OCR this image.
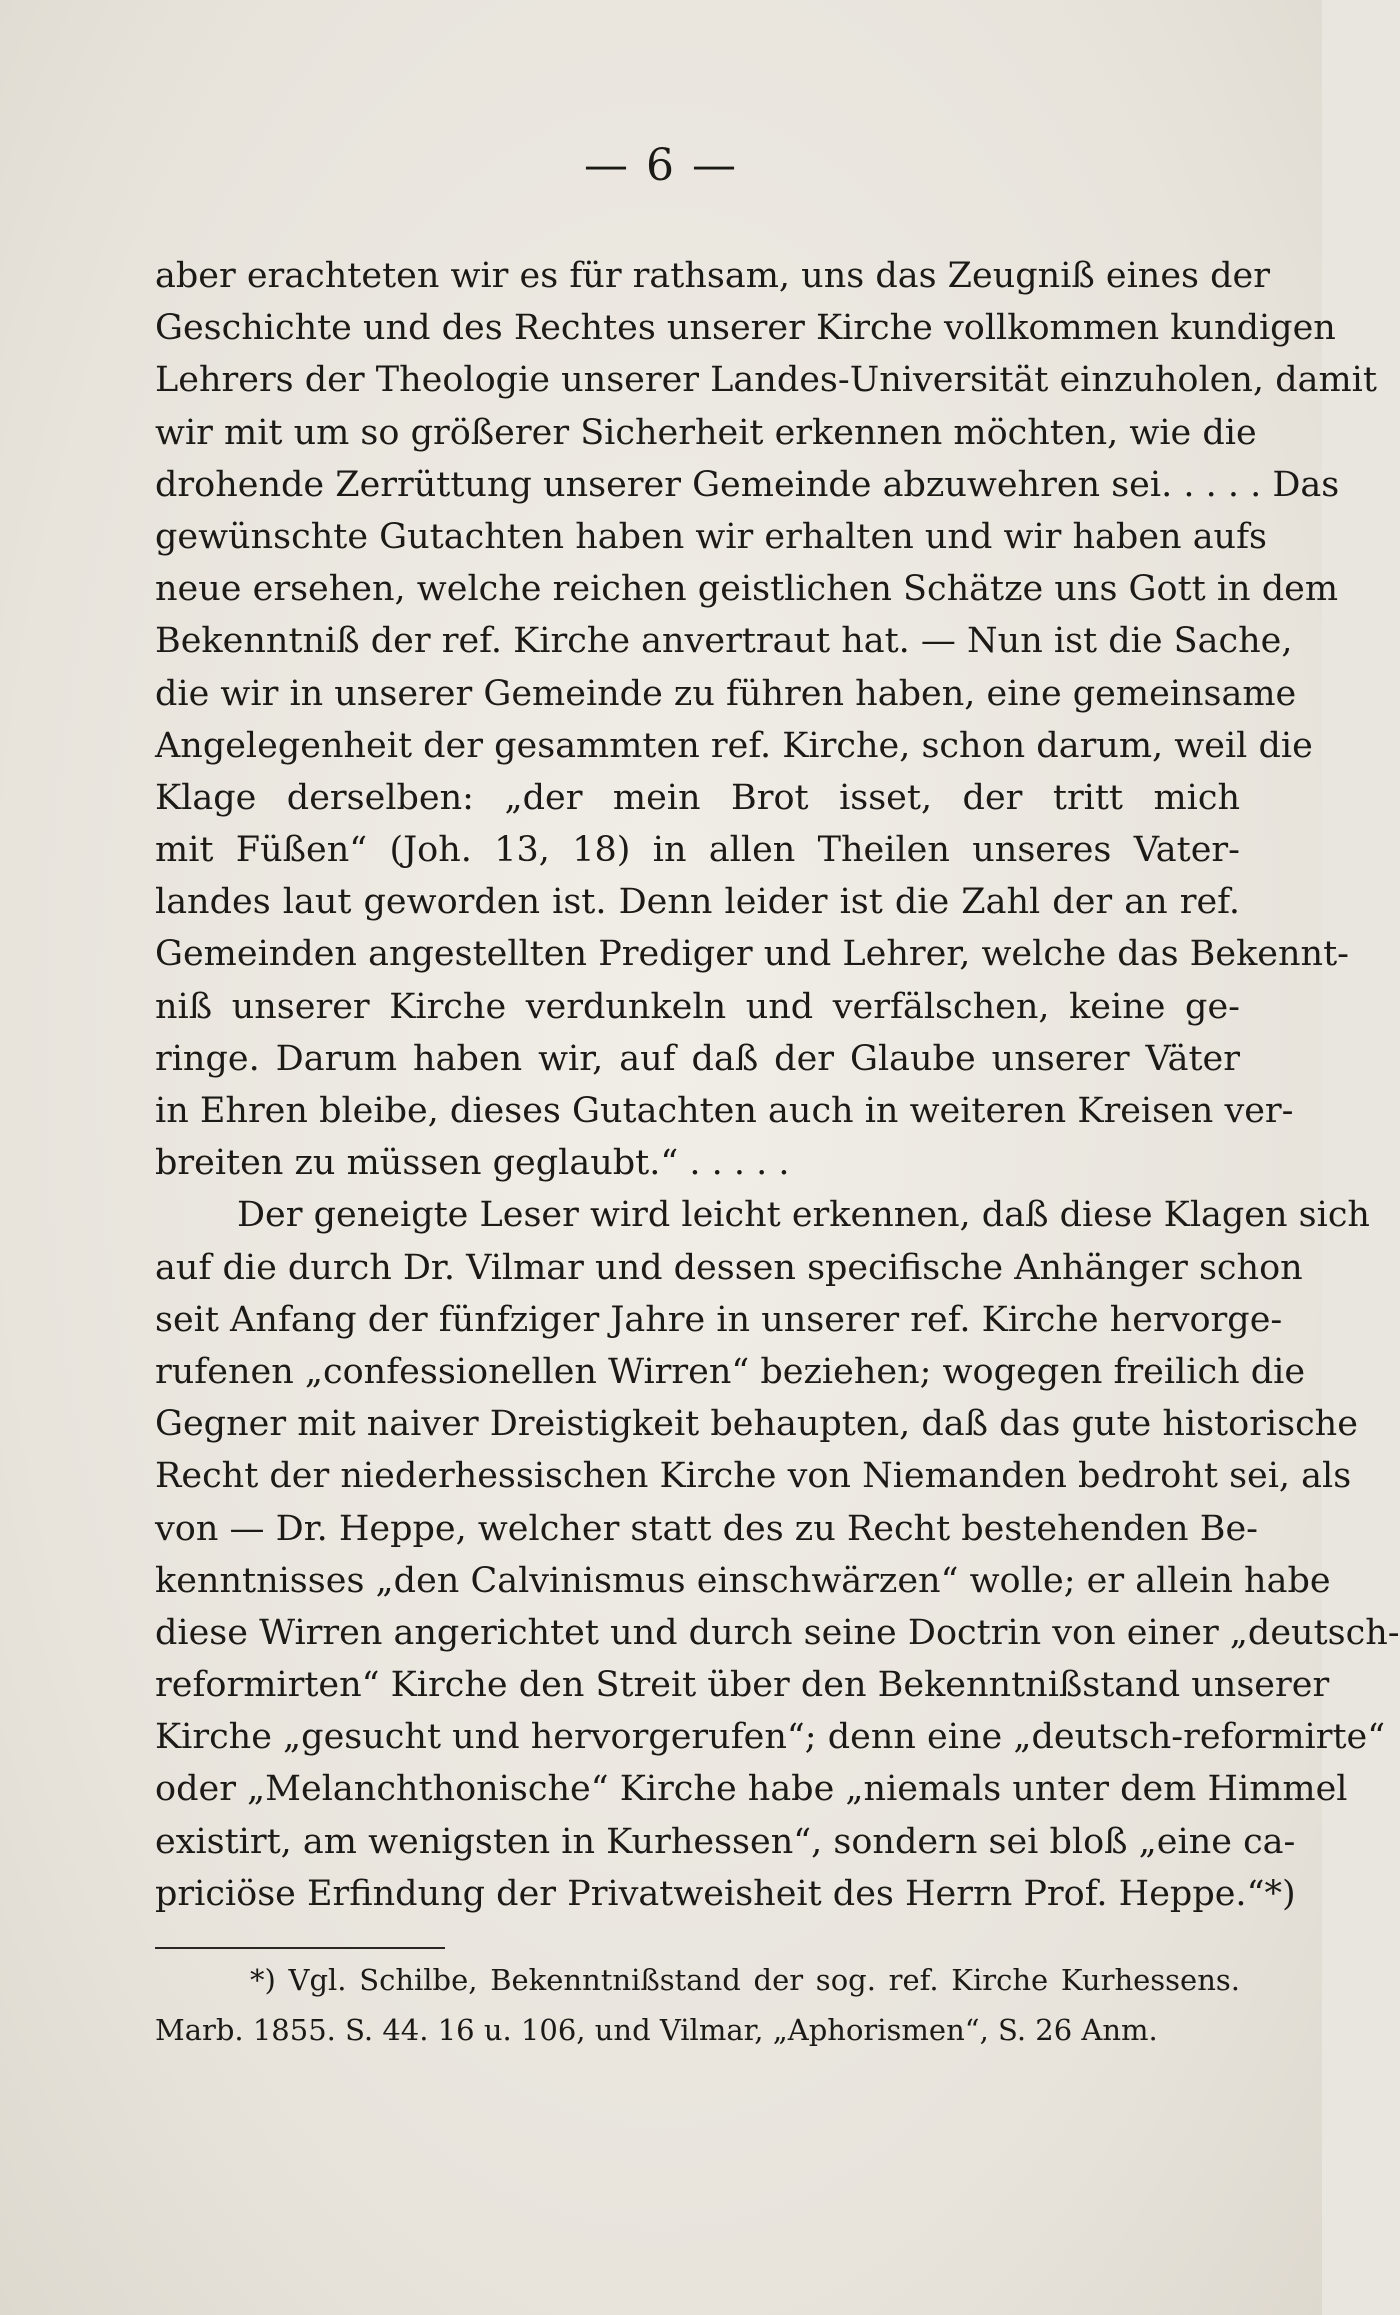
— 6 —
aber erachteten wir es für rathsam, uns das Zeugniß eines der
Geschichte und des Rechtes unserer Kirche vollkommen kundigen
Lehrers der Theologie unserer Landes-Universität einzuholen, damit
wir mit um so größerer Sicherheit erkennen möchten, wie die
drohende Zerrüttung unserer Gemeinde abzuwehren sei. . . . . Das
gewünschte Gutachten haben wir erhalten und wir haben aufs
neue ersehen, welche reichen geistlichen Schätze uns Gott in dem
Bekenntniß der ref. Kirche anvertraut hat. — Nun ist die Sache,
die wir in unserer Gemeinde zu führen haben, eine gemeinsame
Angelegenheit der gesammten ref. Kirche, schon darum, weil die
Klage derselben: „der mein Brot isset, der tritt mich
mit Füßen“ (Joh. 13, 18) in allen Theilen unseres Vater-
landes laut geworden ist. Denn leider ist die Zahl der an ref.
Gemeinden angestellten Prediger und Lehrer, welche das Bekennt-
niß unserer Kirche verdunkeln und verfälschen, keine ge-
ringe. Darum haben wir, auf daß der Glaube unserer Väter
in Ehren bleibe, dieses Gutachten auch in weiteren Kreisen ver-
breiten zu müssen geglaubt.“ . . . . .
Der geneigte Leser wird leicht erkennen, daß diese Klagen sich
auf die durch Dr. Vilmar und dessen specifische Anhänger schon
seit Anfang der fünfziger Jahre in unserer ref. Kirche hervorge-
rufenen „confessionellen Wirren“ beziehen; wogegen freilich die
Gegner mit naiver Dreistigkeit behaupten, daß das gute historische
Recht der niederhessischen Kirche von Niemanden bedroht sei, als
von — Dr. Heppe, welcher statt des zu Recht bestehenden Be-
kenntnisses „den Calvinismus einschwärzen“ wolle; er allein habe
diese Wirren angerichtet und durch seine Doctrin von einer „deutsch-
reformirten“ Kirche den Streit über den Bekenntnißstand unserer
Kirche „gesucht und hervorgerufen“; denn eine „deutsch-reformirte“
oder „Melanchthonische“ Kirche habe „niemals unter dem Himmel
existirt, am wenigsten in Kurhessen“, sondern sei bloß „eine ca-
priciöse Erfindung der Privatweisheit des Herrn Prof. Heppe.“*)
*) Vgl. Schilbe, Bekenntnißstand der sog. ref. Kirche Kurhessens.
Marb. 1855. S. 44. 16 u. 106, und Vilmar, „Aphorismen“, S. 26 Anm.
